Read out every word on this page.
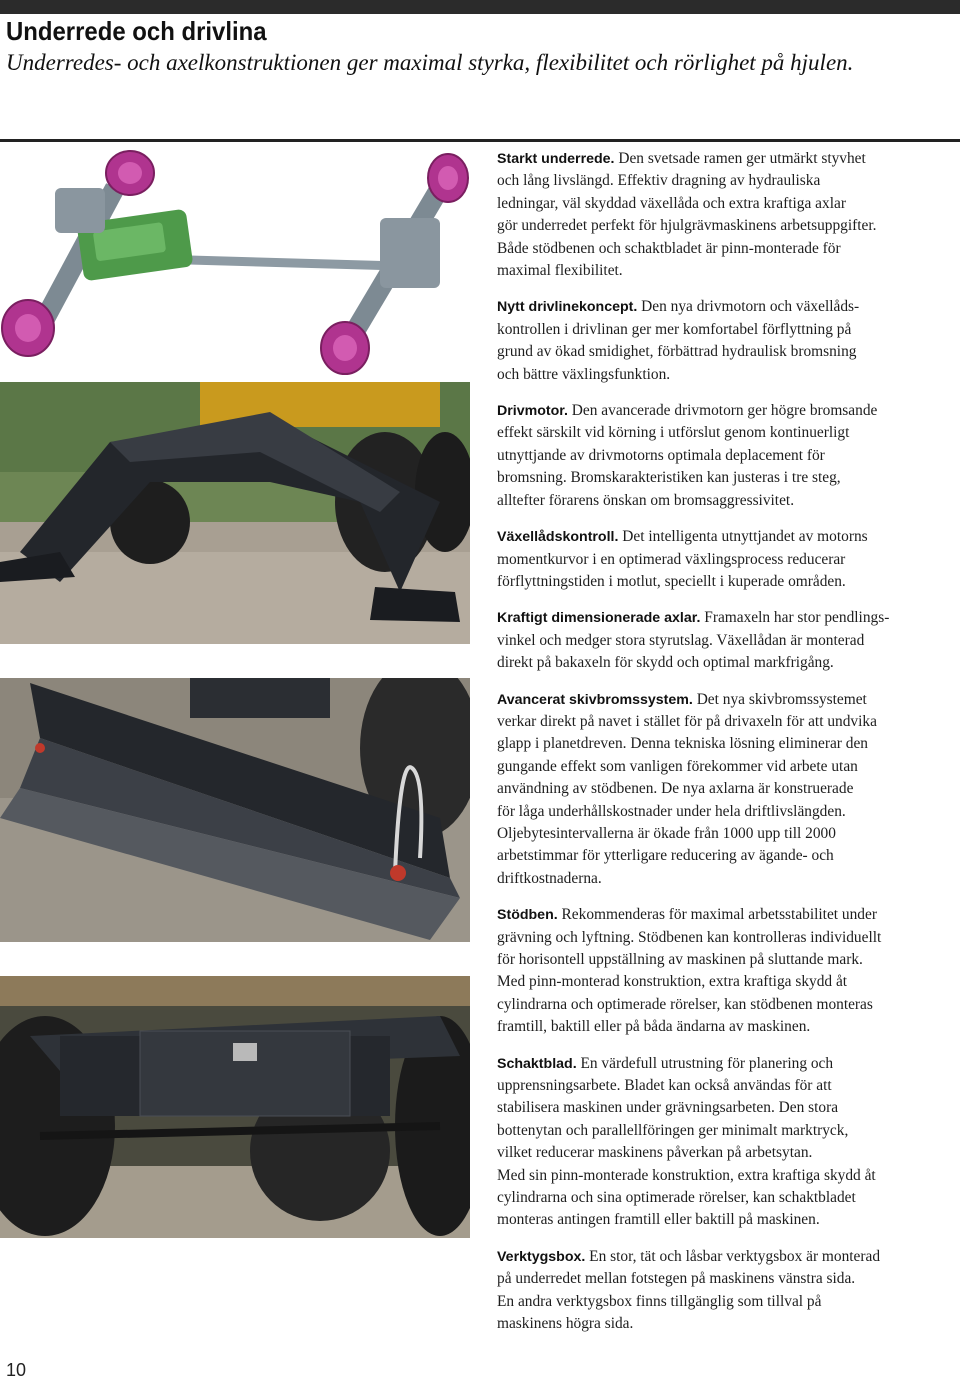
Underrede och drivlina

Underredes- och axelkonstruktionen ger maximal styrka, flexibilitet och rörlighet på hjulen.

Starkt underrede. Den svetsade ramen ger utmärkt styvhet
och lång livslängd. Effektiv dragning av hydrauliska
ledningar, väl skyddad växellåda och extra kraftiga axlar
gör underredet perfekt för hjulgrävmaskinens arbetsuppgifter.
Både stödbenen och schaktbladet är pinn-monterade för
maximal flexibilitet.

Nytt drivlinekoncept. Den nya drivmotorn och växellåds-
kontrollen i drivlinan ger mer komfortabel förflyttning på
grund av ökad smidighet, förbättrad hydraulisk bromsning
och bättre växlingsfunktion.

Drivmotor. Den avancerade drivmotorn ger högre bromsande
effekt särskilt vid körning i utförslut genom kontinuerligt
utnyttjande av drivmotorns optimala deplacement för
bromsning. Bromskarakteristiken kan justeras i tre steg,
alltefter förarens önskan om bromsaggressivitet.

Växellådskontroll. Det intelligenta utnyttjandet av motorns
momentkurvor i en optimerad växlingsprocess reducerar
förflyttningstiden i motlut, speciellt i kuperade områden.

Kraftigt dimensionerade axlar. Framaxeln har stor pendlings-
vinkel och medger stora styrutslag. Växellådan är monterad
direkt på bakaxeln för skydd och optimal markfrigång.

Avancerat skivbromssystem. Det nya skivbromssystemet
verkar direkt på navet i stället för på drivaxeln för att undvika
glapp i planetdreven. Denna tekniska lösning eliminerar den
gungande effekt som vanligen förekommer vid arbete utan
användning av stödbenen. De nya axlarna är konstruerade
för låga underhållskostnader under hela driftlivslängden.
Oljebytesintervallerna är ökade från 1000 upp till 2000
arbetstimmar för ytterligare reducering av ägande- och
driftkostnaderna.

Stödben. Rekommenderas för maximal arbetsstabilitet under
grävning och lyftning. Stödbenen kan kontrolleras individuellt
för horisontell uppställning av maskinen på sluttande mark.
Med pinn-monterad konstruktion, extra kraftiga skydd åt
cylindrarna och optimerade rörelser, kan stödbenen monteras
framtill, baktill eller på båda ändarna av maskinen.

Schaktblad. En värdefull utrustning för planering och
upprensningsarbete. Bladet kan också användas för att
stabilisera maskinen under grävningsarbeten. Den stora
bottenytan och parallellföringen ger minimalt marktryck,
vilket reducerar maskinens påverkan på arbetsytan.
Med sin pinn-monterade konstruktion, extra kraftiga skydd åt
cylindrarna och sina optimerade rörelser, kan schaktbladet
monteras antingen framtill eller baktill på maskinen.

Verktygsbox. En stor, tät och låsbar verktygsbox är monterad
på underredet mellan fotstegen på maskinens vänstra sida.
En andra verktygsbox finns tillgänglig som tillval på
maskinens högra sida.

10
